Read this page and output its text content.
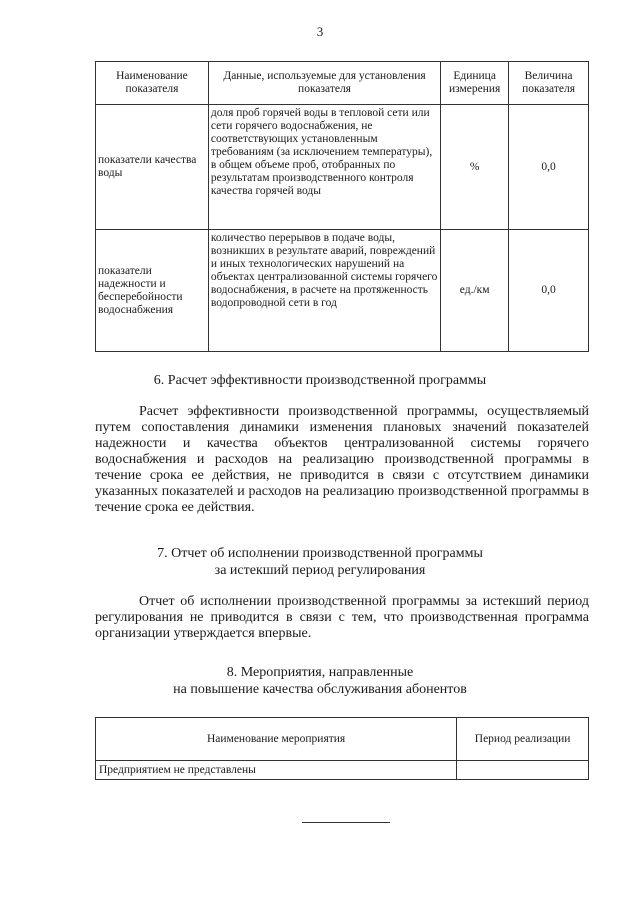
3
Наименование показателя	Данные, используемые для установления показателя	Единица измерения	Величина показателя
показатели качества воды	доля проб горячей воды в тепловой сети или сети горячего водоснабжения, не соответствующих установленным требованиям (за исключением температуры), в общем объеме проб, отобранных по результатам производственного контроля качества горячей воды	%	0,0
показатели надежности и бесперебойности водоснабжения	количество перерывов в подаче воды, возникших в результате аварий, повреждений и иных технологических нарушений на объектах централизованной системы горячего водоснабжения, в расчете на протяженность водопроводной сети в год	ед./км	0,0
6. Расчет эффективности производственной программы
Расчет эффективности производственной программы, осуществляемый путем сопоставления динамики изменения плановых значений показателей надежности и качества объектов централизованной системы горячего водоснабжения и расходов на реализацию производственной программы в течение срока ее действия, не приводится в связи с отсутствием динамики указанных показателей и расходов на реализацию производственной программы в течение срока ее действия.
7. Отчет об исполнении производственной программы
за истекший период регулирования
Отчет об исполнении производственной программы за истекший период регулирования не приводится в связи с тем, что производственная программа организации утверждается впервые.
8. Мероприятия, направленные
на повышение качества обслуживания абонентов
Наименование мероприятия	Период реализации
Предприятием не представлены	
